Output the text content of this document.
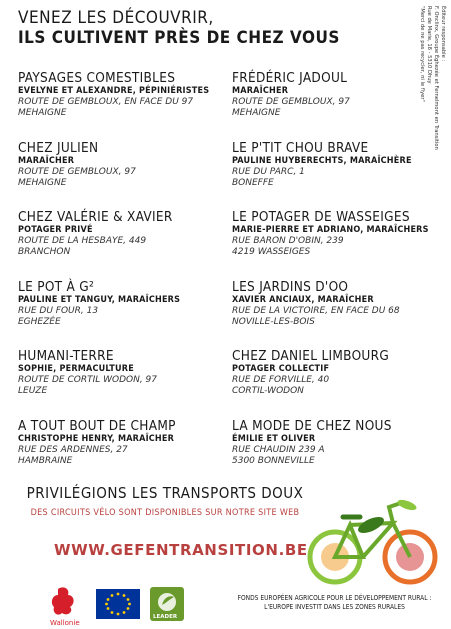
VENEZ LES DÉCOUVRIR,
ILS CULTIVENT PRÈS DE CHEZ VOUS	Éditeur responsable :
F. Onclinx, Groupe Éghezée et Fernelmont en Transition
Rue de Marie, 18 - 5310 Dhuy
"Merci de ne pas recycler, ni le flyer"
PAYSAGES COMESTIBLES
EVELYNE ET ALEXANDRE, PÉPINIÉRISTES
ROUTE DE GEMBLOUX, EN FACE DU 97
MEHAIGNE
CHEZ JULIEN
MARAÎCHER
ROUTE DE GEMBLOUX, 97
MEHAIGNE
CHEZ VALÉRIE & XAVIER
POTAGER PRIVÉ
ROUTE DE LA HESBAYE, 449
BRANCHON
LE POT À G²
PAULINE ET TANGUY, MARAÎCHERS
RUE DU FOUR, 13
EGHEZÉE
HUMANI-TERRE
SOPHIE, PERMACULTURE
ROUTE DE CORTIL WODON, 97
LEUZE
A TOUT BOUT DE CHAMP
CHRISTOPHE HENRY, MARAÎCHER
RUE DES ARDENNES, 27
HAMBRAINE
FRÉDÉRIC JADOUL
MARAÎCHER
ROUTE DE GEMBLOUX, 97
MEHAIGNE
LE P'TIT CHOU BRAVE
PAULINE HUYBERECHTS, MARAÎCHÈRE
RUE DU PARC, 1
BONEFFE
LE POTAGER DE WASSEIGES
MARIE-PIERRE ET ADRIANO, MARAÎCHERS
RUE BARON D'OBIN, 239
4219 WASSEIGES
LES JARDINS D'OO
XAVIER ANCIAUX, MARAÎCHER
RUE DE LA VICTOIRE, EN FACE DU 68
NOVILLE-LES-BOIS
CHEZ DANIEL LIMBOURG
POTAGER COLLECTIF
RUE DE FORVILLE, 40
CORTIL-WODON
LA MODE DE CHEZ NOUS
ÉMILIE ET OLIVER
RUE CHAUDIN 239 A
5300 BONNEVILLE
PRIVILÉGIONS LES TRANSPORTS DOUX
DES CIRCUITS VÉLO SONT DISPONIBLES SUR NOTRE SITE WEB
WWW.GEFENTRANSITION.BE
Wallonie
LEADER
FONDS EUROPÉEN AGRICOLE POUR LE DÉVELOPPEMENT RURAL :
L'EUROPE INVESTIT DANS LES ZONES RURALES
